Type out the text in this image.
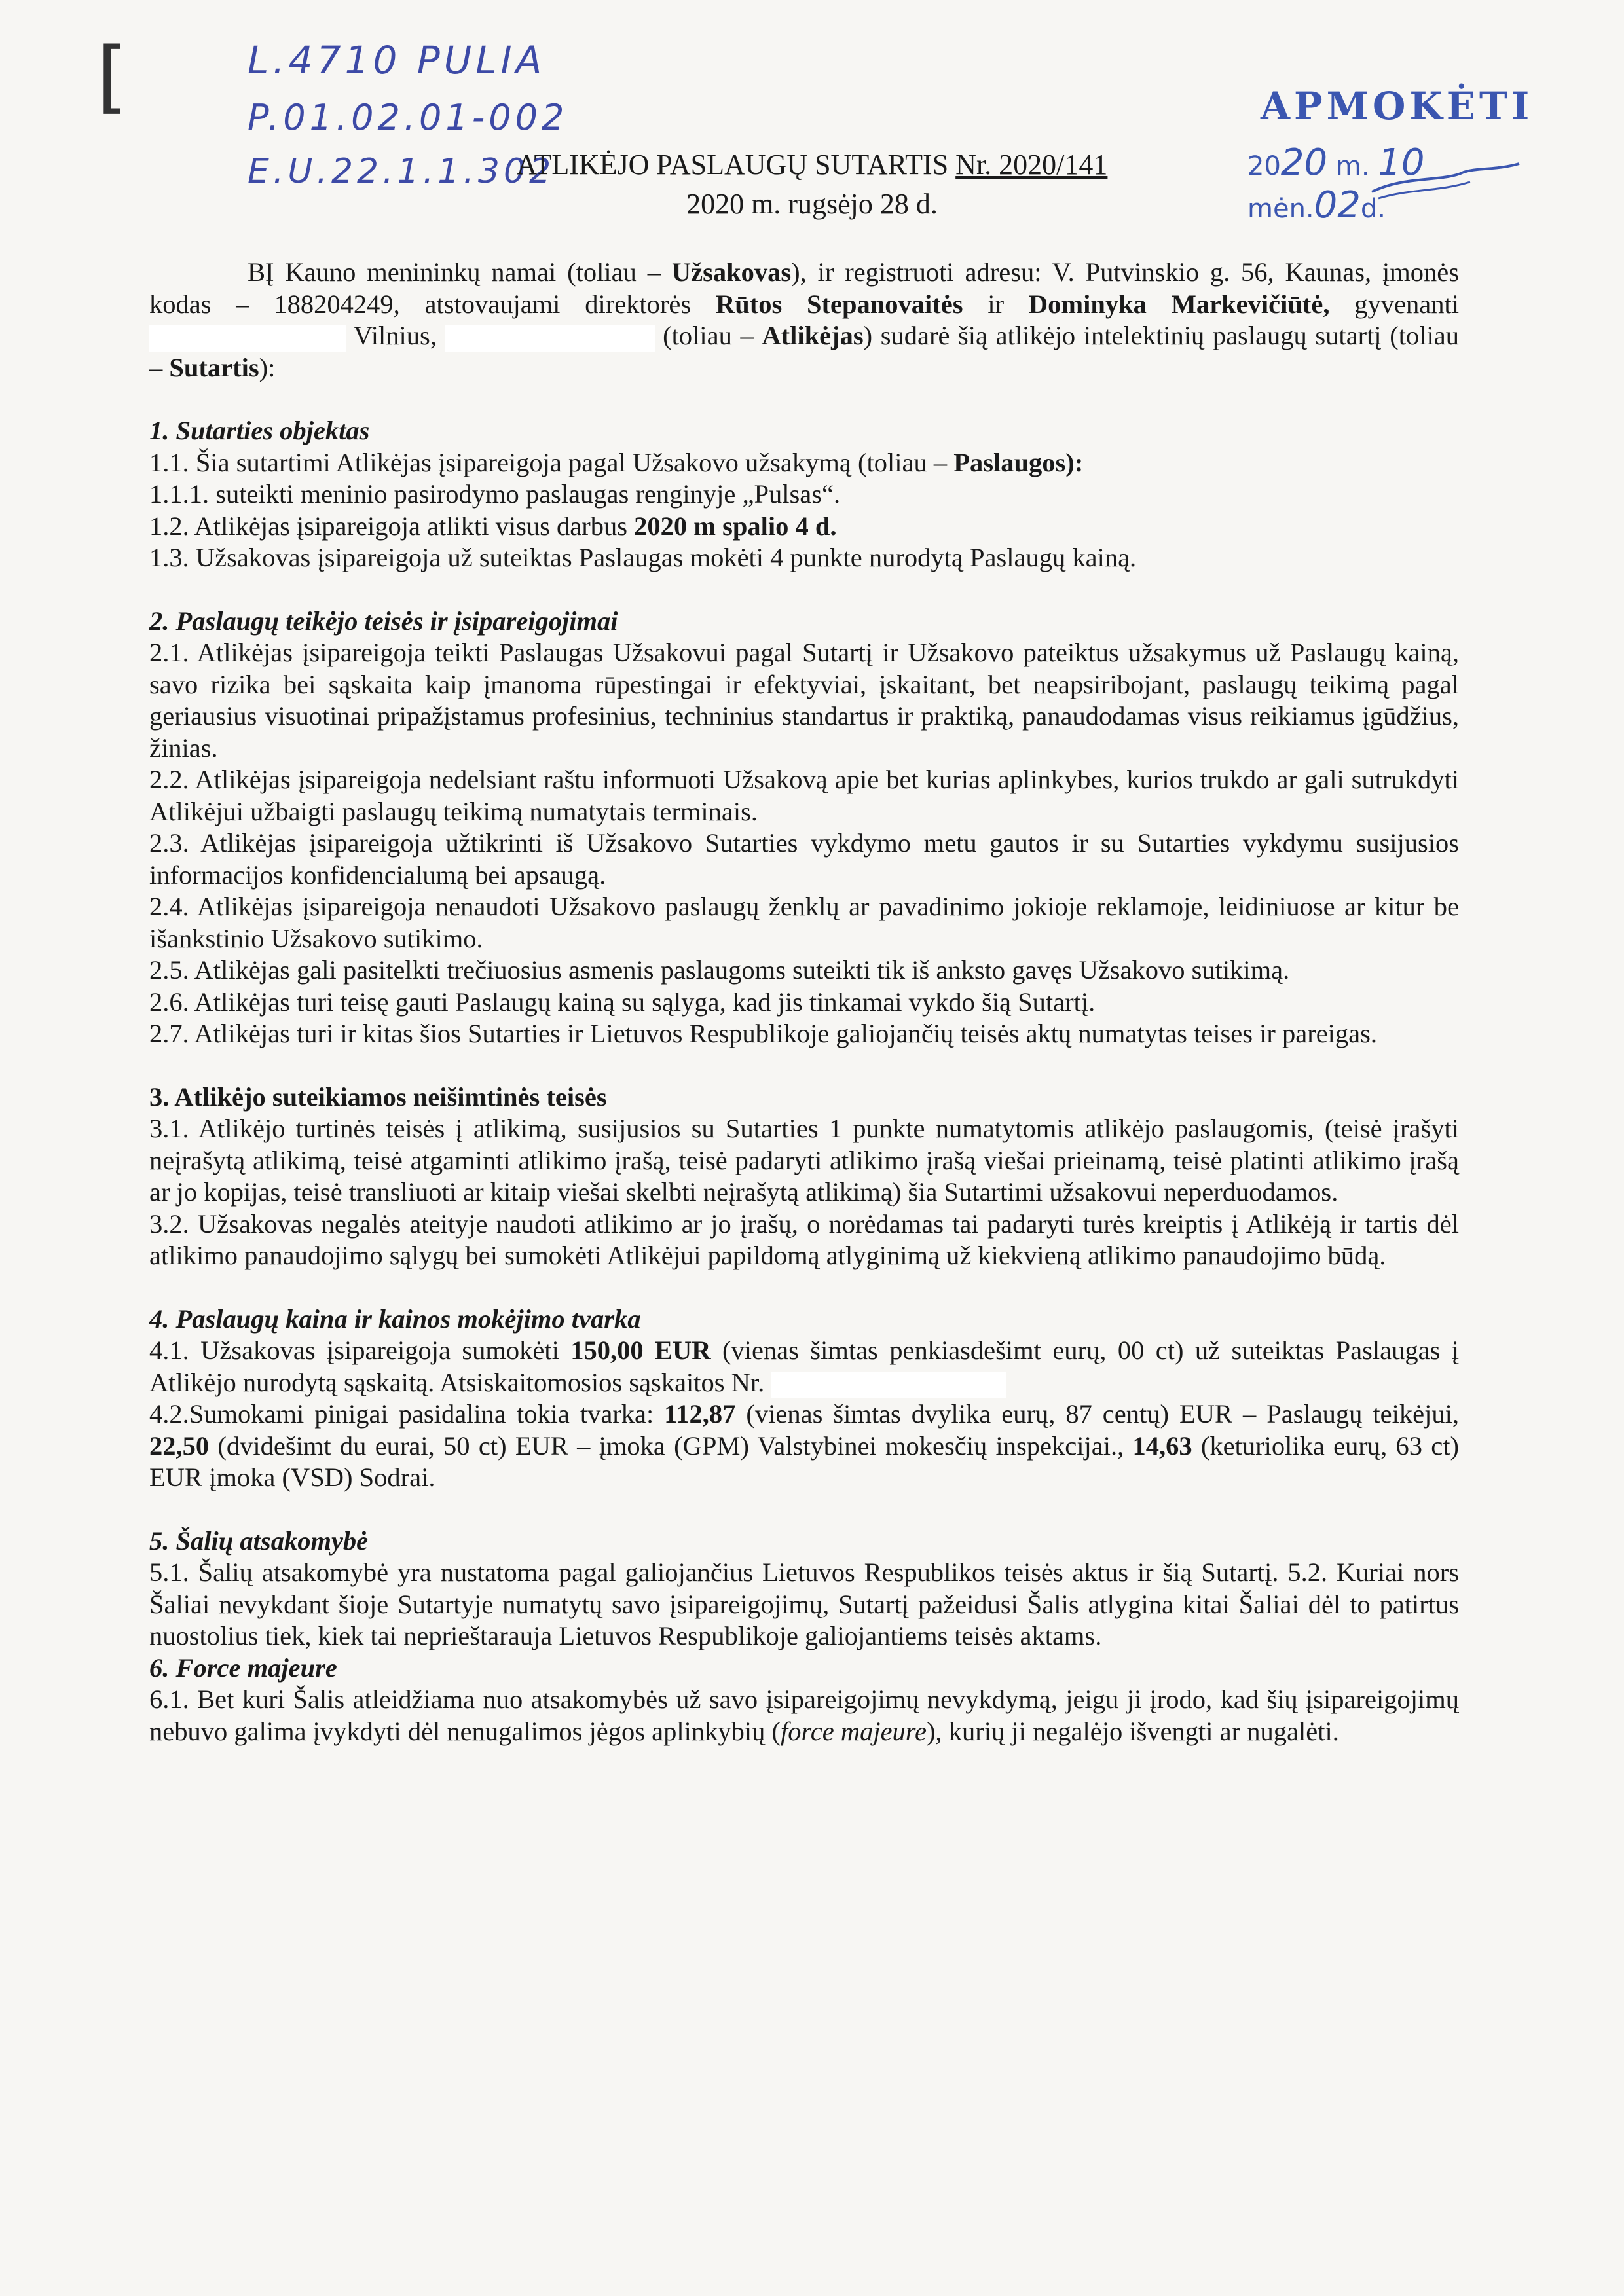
[	L.4710 PULIA
P.01.02.01-002
E.U.22.1.1.302
APMOKĖTI
2020 m. 10 mėn.02d.
ATLIKĖJO PASLAUGŲ SUTARTIS Nr. 2020/141
2020 m. rugsėjo 28 d.

BĮ Kauno menininkų namai (toliau – Užsakovas), ir registruoti adresu: V. Putvinskio g. 56, Kaunas, įmonės kodas – 188204249, atstovaujami direktorės Rūtos Stepanovaitės ir Dominyka Markevičiūtė, gyvenanti  Vilnius,	(toliau – Atlikėjas) sudarė šią atlikėjo intelektinių paslaugų sutartį (toliau – Sutartis):

1. Sutarties objektas

1.1. Šia sutartimi Atlikėjas įsipareigoja pagal Užsakovo užsakymą (toliau – Paslaugos):

1.1.1. suteikti meninio pasirodymo paslaugas renginyje „Pulsas“.

1.2. Atlikėjas įsipareigoja atlikti visus darbus 2020 m spalio 4 d.

1.3. Užsakovas įsipareigoja už suteiktas Paslaugas mokėti 4 punkte nurodytą Paslaugų kainą.

2. Paslaugų teikėjo teisės ir įsipareigojimai

2.1. Atlikėjas įsipareigoja teikti Paslaugas Užsakovui pagal Sutartį ir Užsakovo pateiktus užsakymus už Paslaugų kainą, savo rizika bei sąskaita kaip įmanoma rūpestingai ir efektyviai, įskaitant, bet neapsiribojant, paslaugų teikimą pagal geriausius visuotinai pripažįstamus profesinius, techninius standartus ir praktiką, panaudodamas visus reikiamus įgūdžius, žinias.

2.2. Atlikėjas įsipareigoja nedelsiant raštu informuoti Užsakovą apie bet kurias aplinkybes, kurios trukdo ar gali sutrukdyti Atlikėjui užbaigti paslaugų teikimą numatytais terminais.

2.3. Atlikėjas įsipareigoja užtikrinti iš Užsakovo Sutarties vykdymo metu gautos ir su Sutarties vykdymu susijusios informacijos konfidencialumą bei apsaugą.

2.4. Atlikėjas įsipareigoja nenaudoti Užsakovo paslaugų ženklų ar pavadinimo jokioje reklamoje, leidiniuose ar kitur be išankstinio Užsakovo sutikimo.

2.5. Atlikėjas gali pasitelkti trečiuosius asmenis paslaugoms suteikti tik iš anksto gavęs Užsakovo sutikimą.

2.6. Atlikėjas turi teisę gauti Paslaugų kainą su sąlyga, kad jis tinkamai vykdo šią Sutartį.

2.7. Atlikėjas turi ir kitas šios Sutarties ir Lietuvos Respublikoje galiojančių teisės aktų numatytas teises ir pareigas.

3. Atlikėjo suteikiamos neišimtinės teisės

3.1. Atlikėjo turtinės teisės į atlikimą, susijusios su Sutarties 1 punkte numatytomis atlikėjo paslaugomis, (teisė įrašyti neįrašytą atlikimą, teisė atgaminti atlikimo įrašą, teisė padaryti atlikimo įrašą viešai prieinamą, teisė platinti atlikimo įrašą ar jo kopijas, teisė transliuoti ar kitaip viešai skelbti neįrašytą atlikimą) šia Sutartimi užsakovui neperduodamos.

3.2. Užsakovas negalės ateityje naudoti atlikimo ar jo įrašų, o norėdamas tai padaryti turės kreiptis į Atlikėją ir tartis dėl atlikimo panaudojimo sąlygų bei sumokėti Atlikėjui papildomą atlyginimą už kiekvieną atlikimo panaudojimo būdą.

4. Paslaugų kaina ir kainos mokėjimo tvarka

4.1. Užsakovas įsipareigoja sumokėti 150,00 EUR (vienas šimtas penkiasdešimt eurų, 00 ct) už suteiktas Paslaugas į Atlikėjo nurodytą sąskaitą. Atsiskaitomosios sąskaitos Nr.

4.2.Sumokami pinigai pasidalina tokia tvarka: 112,87 (vienas šimtas dvylika eurų, 87 centų) EUR – Paslaugų teikėjui, 22,50 (dvidešimt du eurai, 50 ct) EUR – įmoka (GPM) Valstybinei mokesčių inspekcijai., 14,63 (keturiolika eurų, 63 ct) EUR įmoka (VSD) Sodrai.

5. Šalių atsakomybė

5.1. Šalių atsakomybė yra nustatoma pagal galiojančius Lietuvos Respublikos teisės aktus ir šią Sutartį. 5.2. Kuriai nors Šaliai nevykdant šioje Sutartyje numatytų savo įsipareigojimų, Sutartį pažeidusi Šalis atlygina kitai Šaliai dėl to patirtus nuostolius tiek, kiek tai neprieštarauja Lietuvos Respublikoje galiojantiems teisės aktams.

6. Force majeure

6.1. Bet kuri Šalis atleidžiama nuo atsakomybės už savo įsipareigojimų nevykdymą, jeigu ji įrodo, kad šių įsipareigojimų nebuvo galima įvykdyti dėl nenugalimos jėgos aplinkybių (force majeure), kurių ji negalėjo išvengti ar nugalėti.
